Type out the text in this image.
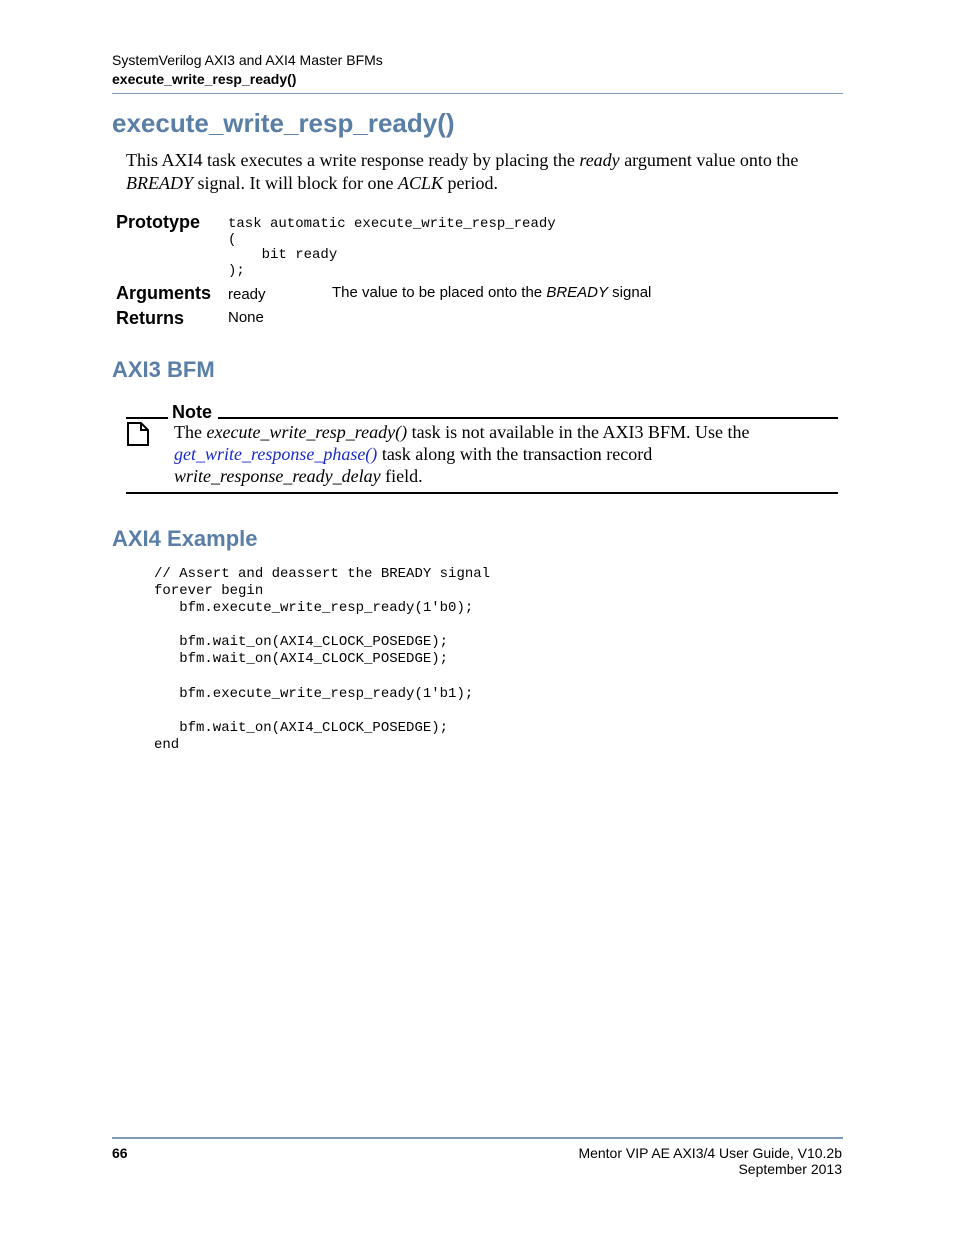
SystemVerilog AXI3 and AXI4 Master BFMs
execute_write_resp_ready()
execute_write_resp_ready()
This AXI4 task executes a write response ready by placing the ready argument value onto the BREADY signal. It will block for one ACLK period.
Prototype task automatic execute_write_resp_ready
(
bit ready
);
Arguments ready	The value to be placed onto the BREADY signal
Returns	None
AXI3 BFM
Note
The execute_write_resp_ready() task is not available in the AXI3 BFM. Use the
get_write_response_phase() task along with the transaction record
write_response_ready_delay field.
AXI4 Example
// Assert and deassert the BREADY signal
forever begin
bfm.execute_write_resp_ready(1'b0);

bfm.wait_on(AXI4_CLOCK_POSEDGE);
bfm.wait_on(AXI4_CLOCK_POSEDGE);

bfm.execute_write_resp_ready(1'b1);

bfm.wait_on(AXI4_CLOCK_POSEDGE);
end
66	Mentor VIP AE AXI3/4 User Guide, V10.2b
September 2013
